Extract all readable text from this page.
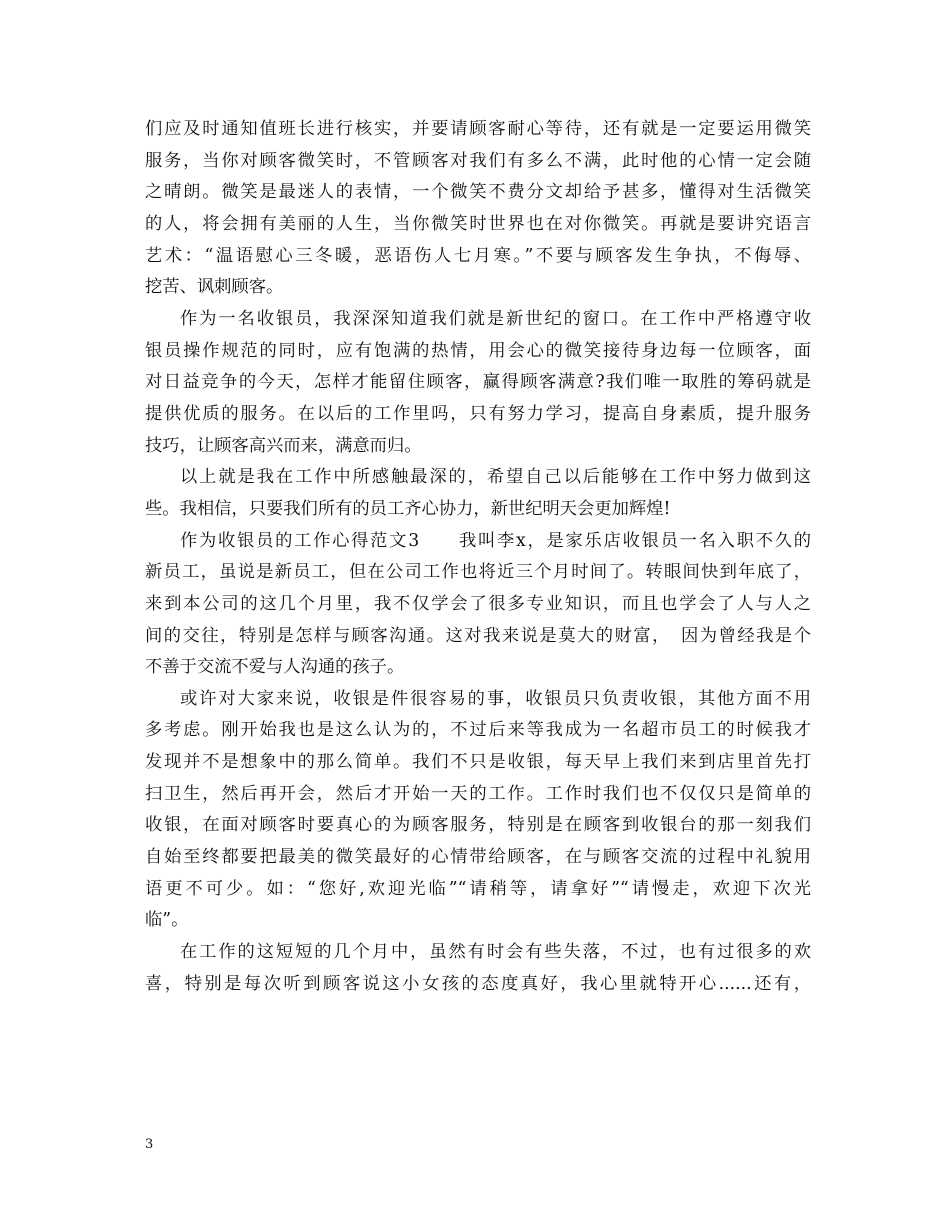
们应及时通知值班长进行核实，并要请顾客耐心等待，还有就是一定要运用微笑
服务，当你对顾客微笑时，不管顾客对我们有多么不满，此时他的心情一定会随
之晴朗。微笑是最迷人的表情，一个微笑不费分文却给予甚多，懂得对生活微笑
的人，将会拥有美丽的人生，当你微笑时世界也在对你微笑。再就是要讲究语言
艺术：“温语慰心三冬暖，恶语伤人七月寒。”不要与顾客发生争执，不侮辱、
挖苦、讽刺顾客。

作为一名收银员，我深深知道我们就是新世纪的窗口。在工作中严格遵守收
银员操作规范的同时，应有饱满的热情，用会心的微笑接待身边每一位顾客，面
对日益竞争的今天，怎样才能留住顾客，赢得顾客满意?我们唯一取胜的筹码就是
提供优质的服务。在以后的工作里吗，只有努力学习，提高自身素质，提升服务
技巧，让顾客高兴而来，满意而归。

以上就是我在工作中所感触最深的，希望自己以后能够在工作中努力做到这
些。我相信，只要我们所有的员工齐心协力，新世纪明天会更加辉煌!

作为收银员的工作心得范文3　　我叫李x，是家乐店收银员一名入职不久的
新员工，虽说是新员工，但在公司工作也将近三个月时间了。转眼间快到年底了，
来到本公司的这几个月里，我不仅学会了很多专业知识，而且也学会了人与人之
间的交往，特别是怎样与顾客沟通。这对我来说是莫大的财富，　因为曾经我是个
不善于交流不爱与人沟通的孩子。

或许对大家来说，收银是件很容易的事，收银员只负责收银，其他方面不用
多考虑。刚开始我也是这么认为的，不过后来等我成为一名超市员工的时候我才
发现并不是想象中的那么简单。我们不只是收银，每天早上我们来到店里首先打
扫卫生，然后再开会，然后才开始一天的工作。工作时我们也不仅仅只是简单的
收银，在面对顾客时要真心的为顾客服务，特别是在顾客到收银台的那一刻我们
自始至终都要把最美的微笑最好的心情带给顾客，在与顾客交流的过程中礼貌用
语更不可少。如：“您好,欢迎光临”“请稍等，请拿好”“请慢走，欢迎下次光
临”。

在工作的这短短的几个月中，虽然有时会有些失落，不过，也有过很多的欢
喜，特别是每次听到顾客说这小女孩的态度真好，我心里就特开心......还有，

3
